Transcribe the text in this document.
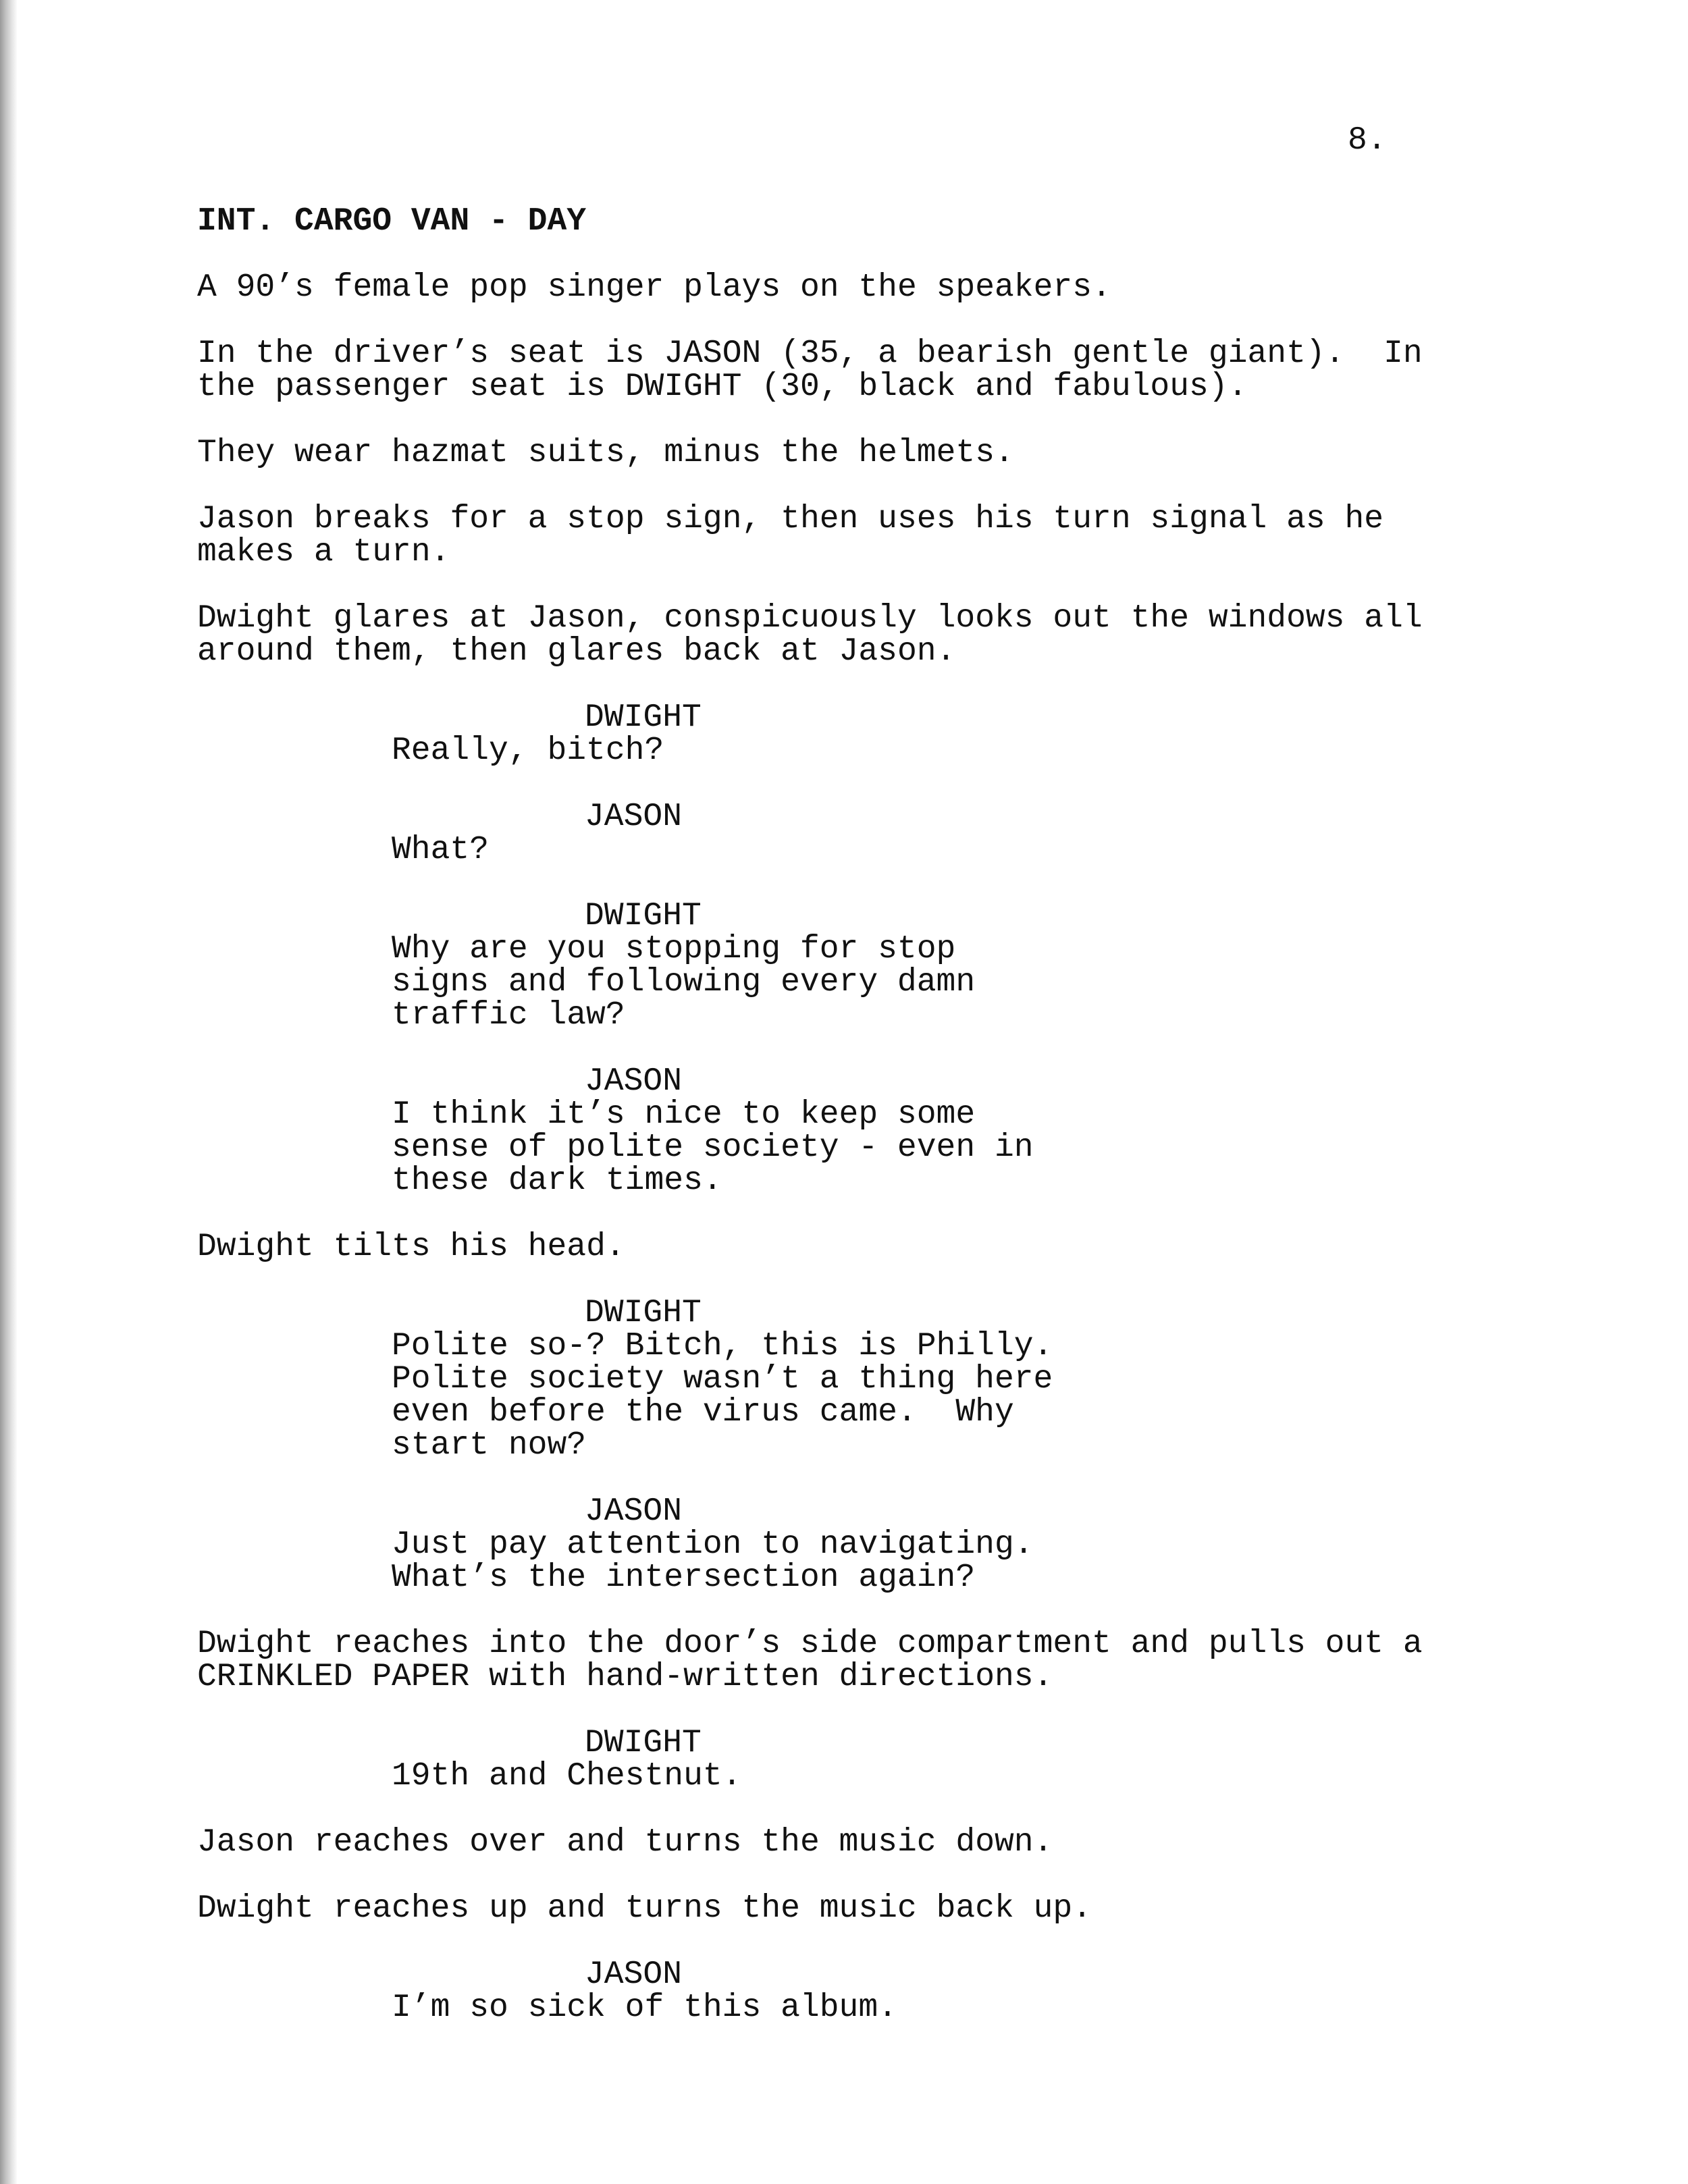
8.
INT. CARGO VAN - DAY
A 90’s female pop singer plays on the speakers.
In the driver’s seat is JASON (35, a bearish gentle giant).  In
the passenger seat is DWIGHT (30, black and fabulous).
They wear hazmat suits, minus the helmets.
Jason breaks for a stop sign, then uses his turn signal as he
makes a turn.
Dwight glares at Jason, conspicuously looks out the windows all
around them, then glares back at Jason.
DWIGHT
Really, bitch?
JASON
What?
DWIGHT
Why are you stopping for stop
signs and following every damn
traffic law?
JASON
I think it’s nice to keep some
sense of polite society - even in
these dark times.
Dwight tilts his head.
DWIGHT
Polite so-? Bitch, this is Philly.
Polite society wasn’t a thing here
even before the virus came.  Why
start now?
JASON
Just pay attention to navigating.
What’s the intersection again?
Dwight reaches into the door’s side compartment and pulls out a
CRINKLED PAPER with hand-written directions.
DWIGHT
19th and Chestnut.
Jason reaches over and turns the music down.
Dwight reaches up and turns the music back up.
JASON
I’m so sick of this album.
